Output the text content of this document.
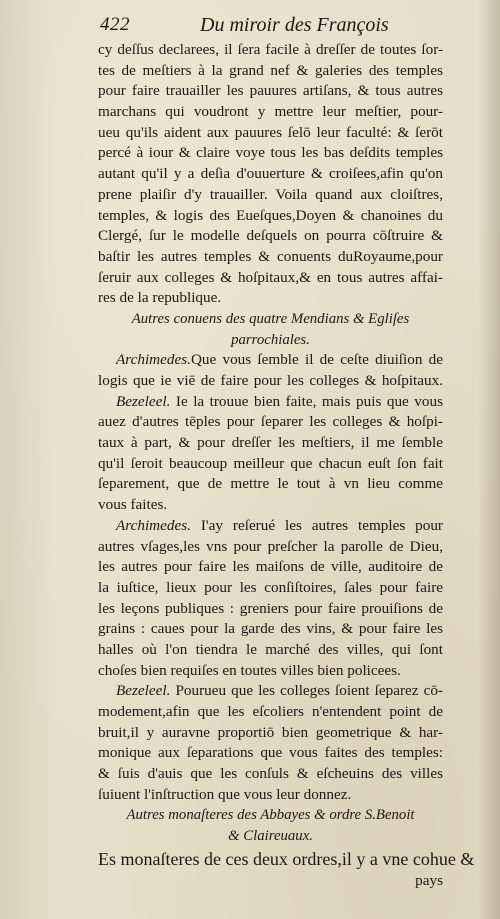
422	Du miroir des François
cy deſſus declarees, il ſera facile à dreſſer de toutes ſor-
tes de meſtiers à la grand nef & galeries des temples
pour faire trauailler les pauures artiſans, & tous autres
marchans qui voudront y mettre leur meſtier, pour-
ueu qu'ils aident aux pauures ſelō leur faculté: & ſerōt
percé à iour & claire voye tous les bas deſdits temples
autant qu'il y a deſia d'ouuerture & croiſees,afin qu'on
prene plaiſir d'y trauailler. Voila quand aux cloiſtres,
temples, & logis des Eueſques,Doyen & chanoines du
Clergé, ſur le modelle deſquels on pourra cōſtruire &
baſtir les autres temples & conuents duRoyaume,pour
ſeruir aux colleges & hoſpitaux,& en tous autres affai-
res de la republique.
Autres conuens des quatre Mendians & Egliſes
parrochiales.
Archimedes.Que vous ſemble il de ceſte diuiſion de
logis que ie viē de faire pour les colleges & hoſpitaux.
Bezeleel. Ie la trouue bien faite, mais puis que vous
auez d'autres tēples pour ſeparer les colleges & hoſpi-
taux à part, & pour dreſſer les meſtiers, il me ſemble
qu'il ſeroit beaucoup meilleur que chacun euſt ſon fait
ſeparement, que de mettre le tout à vn lieu comme
vous faites.
Archimedes. I'ay reſerué les autres temples pour
autres vſages,les vns pour preſcher la parolle de Dieu,
les autres pour faire les maiſons de ville, auditoire de
la iuſtice, lieux pour les conſiſtoires, ſales pour faire
les leçons publiques : greniers pour faire prouiſions de
grains : caues pour la garde des vins, & pour faire les
halles où l'on tiendra le marché des villes, qui ſont
choſes bien requiſes en toutes villes bien policees.
Bezeleel. Pourueu que les colleges ſoient ſeparez cō-
modement,afin que les eſcoliers n'entendent point de
bruit,il y auravne proportiō bien geometrique & har-
monique aux ſeparations que vous faites des temples:
& ſuis d'auis que les conſuls & eſcheuins des villes
ſuiuent l'inſtruction que vous leur donnez.
Autres monaſteres des Abbayes & ordre S.Benoit
& Claireuaux.
Es monaſteres de ces deux ordres,il y a vne cohue &
pays
